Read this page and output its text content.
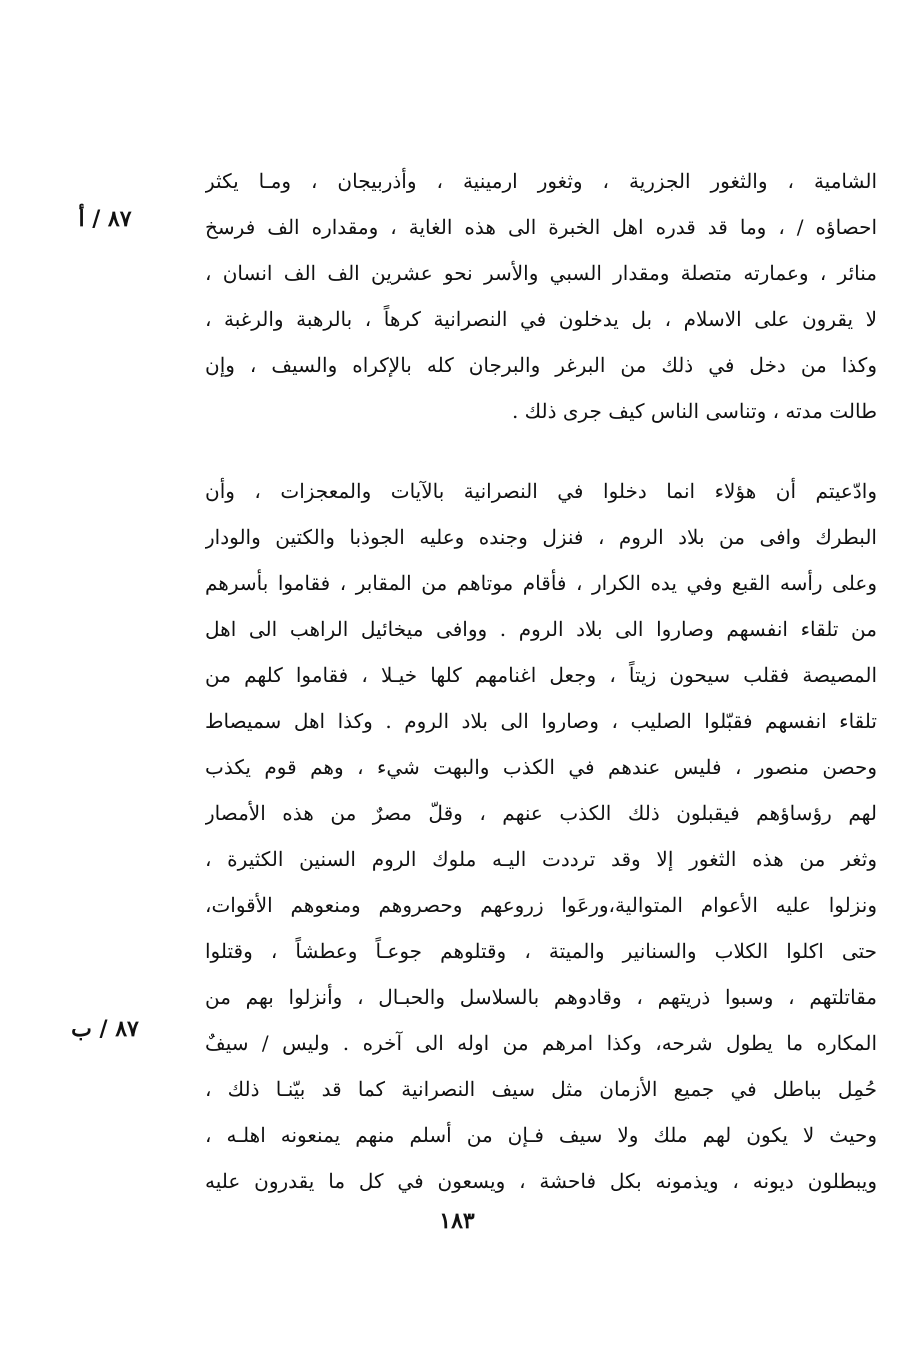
٨٧ / أ
٨٧ / ب
الشامية ، والثغور الجزرية ، وثغور ارمينية ، وأذربيجان ، ومـا يكثر
احصاؤه / ، وما قد قدره اهل الخبرة الى هذه الغاية ، ومقداره الف فرسخ
منائر ، وعمارته متصلة ومقدار السبي والأسر نحو عشرين الف الف انسان ،
لا يقرون على الاسلام ، بل يدخلون في النصرانية كرهاً ، بالرهبة والرغبة ،
وكذا من دخل في ذلك من البرغر والبرجان كله بالإكراه والسيف ، وإن
طالت مدته ، وتناسى الناس كيف جرى ذلك .
وادّعيتم أن هؤلاء انما دخلوا في النصرانية بالآيات والمعجزات ، وأن
البطرك وافى من بلاد الروم ، فنزل وجنده وعليه الجوذبا والكتين والودار
وعلى رأسه القبع وفي يده الكرار ، فأقام موتاهم من المقابر ، فقاموا بأسرهم
من تلقاء انفسهم وصاروا الى بلاد الروم . ووافى ميخائيل الراهب الى اهل
المصيصة فقلب سيحون زيتاً ، وجعل اغنامهم كلها خيـلا ، فقاموا كلهم من
تلقاء انفسهم فقبّلوا الصليب ، وصاروا الى بلاد الروم . وكذا اهل سميصاط
وحصن منصور ، فليس عندهم في الكذب والبهت شيء ، وهم قوم يكذب
لهم رؤساؤهم فيقبلون ذلك الكذب عنهم ، وقلّ مصرٌ من هذه الأمصار
وثغر من هذه الثغور إلا وقد ترددت اليـه ملوك الروم السنين الكثيرة ،
ونزلوا عليه الأعوام المتوالية،ورعَوا زروعهم وحصروهم ومنعوهم الأقوات،
حتى اكلوا الكلاب والسنانير والميتة ، وقتلوهم جوعـاً وعطشاً ، وقتلوا
مقاتلتهم ، وسبوا ذريتهم ، وقادوهم بالسلاسل والحبـال ، وأنزلوا بهم من
المكاره ما يطول شرحه، وكذا امرهم من اوله الى آخره . وليس / سيفٌ
حُمِل بباطل في جميع الأزمان مثل سيف النصرانية كما قد بيّنـا ذلك ،
وحيث لا يكون لهم ملك ولا سيف فـإن من أسلم منهم يمنعونه اهلـه ،
ويبطلون ديونه ، ويذمونه بكل فاحشة ، ويسعون في كل ما يقدرون عليه
١٨٣
